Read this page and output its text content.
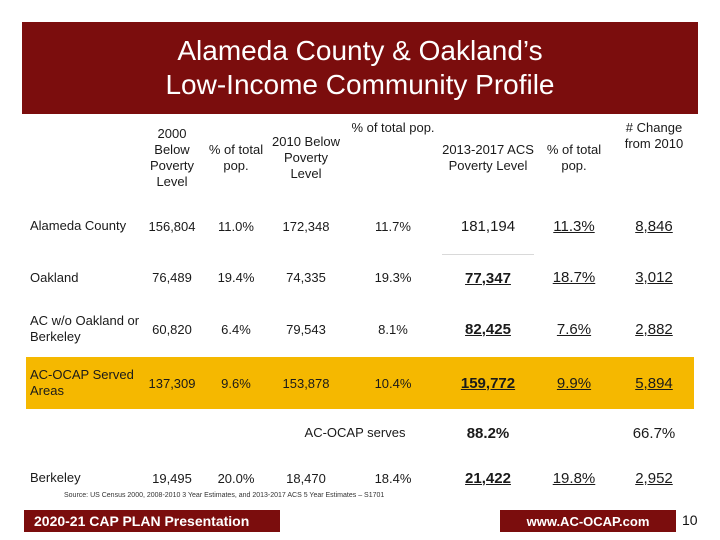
Alameda County & Oakland’s
Low-Income Community Profile
	2000 Below Poverty Level	% of total pop.	2010 Below Poverty Level	% of total pop.	2013-2017 ACS Poverty Level	% of total pop.	# Change from 2010
Alameda County	156,804	11.0%	172,348	11.7%	181,194	11.3%	8,846
Oakland	76,489	19.4%	74,335	19.3%	77,347	18.7%	3,012
AC w/o Oakland or Berkeley	60,820	6.4%	79,543	8.1%	82,425	7.6%	2,882
AC-OCAP Served Areas	137,309	9.6%	153,878	10.4%	159,772	9.9%	5,894
			AC-OCAP serves		88.2%		66.7%
Berkeley	19,495	20.0%	18,470	18.4%	21,422	19.8%	2,952
Source: US Census 2000, 2008-2010 3 Year Estimates, and 2013-2017 ACS 5 Year Estimates – S1701
2020-21 CAP PLAN Presentation	www.AC-OCAP.com	10
